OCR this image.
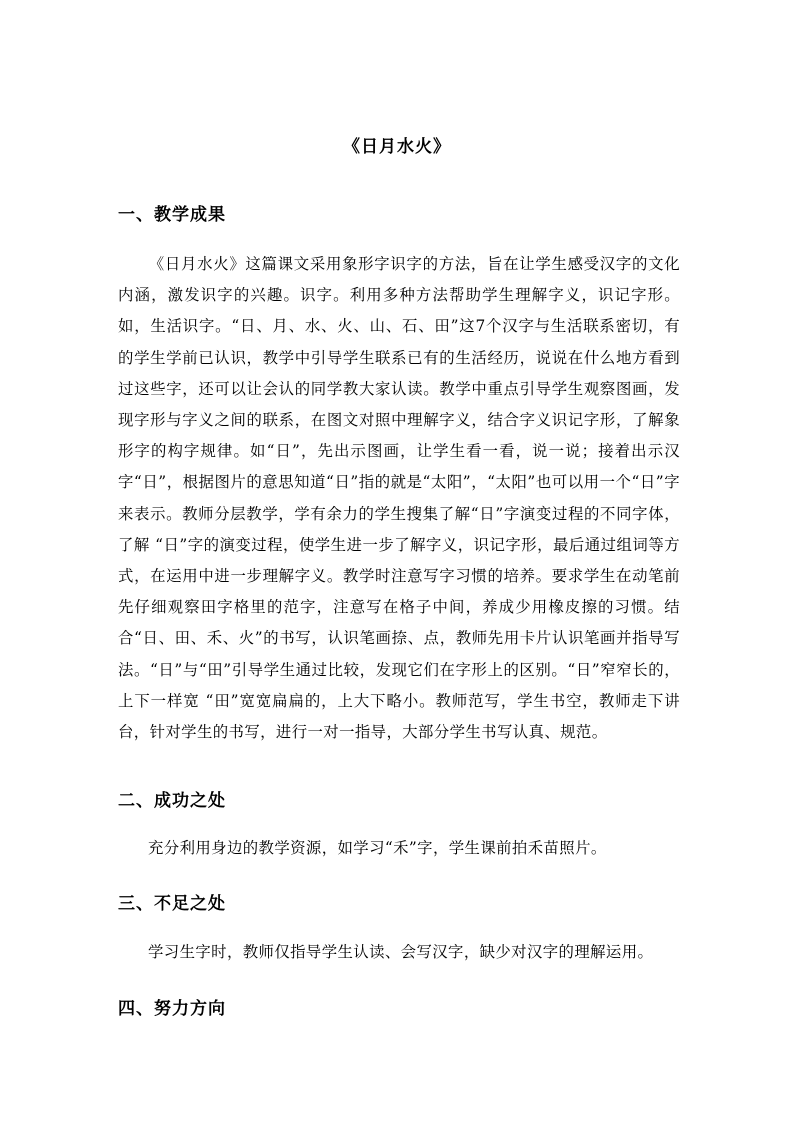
《日月水火》
一、教学成果
《日月水火》这篇课文采用象形字识字的方法，旨在让学生感受汉字的文化内涵，激发识字的兴趣。识字。利用多种方法帮助学生理解字义，识记字形。如，生活识字。“日、月、水、火、山、石、田”这7个汉字与生活联系密切，有的学生学前已认识，教学中引导学生联系已有的生活经历，说说在什么地方看到过这些字，还可以让会认的同学教大家认读。教学中重点引导学生观察图画，发现字形与字义之间的联系，在图文对照中理解字义，结合字义识记字形，了解象形字的构字规律。如“日”，先出示图画，让学生看一看，说一说；接着出示汉字“日”，根据图片的意思知道“日”指的就是“太阳”，“太阳”也可以用一个“日”字来表示。教师分层教学，学有余力的学生搜集了解“日”字演变过程的不同字体，了解 “日”字的演变过程，使学生进一步了解字义，识记字形，最后通过组词等方式，在运用中进一步理解字义。教学时注意写字习惯的培养。要求学生在动笔前先仔细观察田字格里的范字，注意写在格子中间，养成少用橡皮擦的习惯。结合“日、田、禾、火”的书写，认识笔画捺、点，教师先用卡片认识笔画并指导写法。“日”与“田”引导学生通过比较，发现它们在字形上的区别。“日”窄窄长的，上下一样宽 “田”宽宽扁扁的，上大下略小。教师范写，学生书空，教师走下讲台，针对学生的书写，进行一对一指导，大部分学生书写认真、规范。
二、成功之处
充分利用身边的教学资源，如学习“禾”字，学生课前拍禾苗照片。
三、不足之处
学习生字时，教师仅指导学生认读、会写汉字，缺少对汉字的理解运用。
四、努力方向
